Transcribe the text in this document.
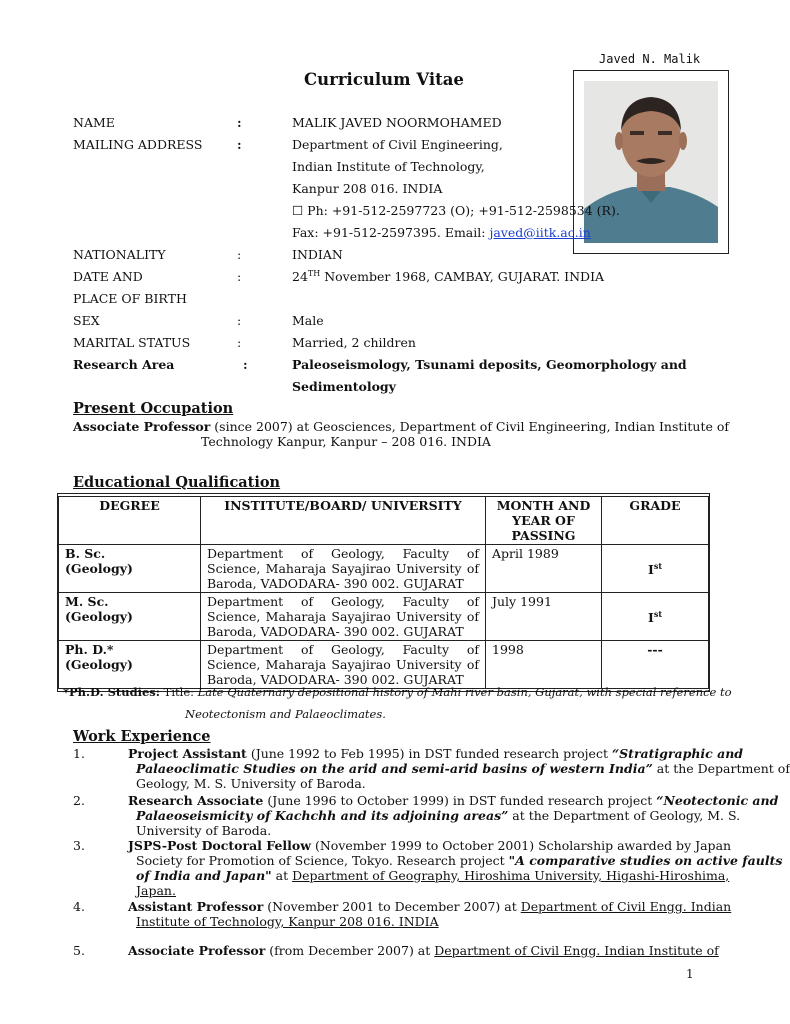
Javed N. Malik
Curriculum Vitae
NAME	:	MALIK JAVED NOORMOHAMED
MAILING ADDRESS	:	Department of Civil Engineering,
Indian Institute of Technology,
Kanpur 208 016. INDIA
☐ Ph: +91-512-2597723 (O); +91-512-2598534 (R).
Fax: +91-512-2597395. Email: javed@iitk.ac.in
NATIONALITY	:	INDIAN
DATE AND	:	24TH November 1968, CAMBAY, GUJARAT. INDIA
PLACE OF BIRTH
SEX	:	Male
MARITAL STATUS	:	Married, 2 children
Research Area	:	Paleoseismology, Tsunami deposits, Geomorphology and
Sedimentology
Present Occupation
Associate Professor (since 2007) at Geosciences, Department of Civil Engineering, Indian Institute of
Technology Kanpur, Kanpur – 208 016. INDIA
Educational Qualification
DEGREE	INSTITUTE/BOARD/ UNIVERSITY	MONTH AND YEAR OF PASSING	GRADE

B. Sc.
(Geology)	Department of Geology, Faculty of Science, Maharaja Sayajirao University of Baroda, VADODARA- 390 002. GUJARAT	April 1989	Ist

M. Sc.
(Geology)	Department of Geology, Faculty of Science, Maharaja Sayajirao University of Baroda, VADODARA- 390 002. GUJARAT	July 1991	Ist

Ph. D.*
(Geology)	Department of Geology, Faculty of Science, Maharaja Sayajirao University of Baroda, VADODARA- 390 002. GUJARAT	1998	---
*Ph.D. Studies: Title: Late Quaternary depositional history of Mahi river basin, Gujarat, with special reference to
Neotectonism and Palaeoclimates.
Work Experience
1.	Project Assistant (June 1992 to Feb 1995) in DST funded research project “Stratigraphic and
Palaeoclimatic Studies on the arid and semi-arid basins of western India” at the Department of
Geology, M. S. University of Baroda.
2.	Research Associate (June 1996 to October 1999) in DST funded research project “Neotectonic and
Palaeoseismicity of Kachchh and its adjoining areas” at the Department of Geology, M. S.
University of Baroda.
3.	JSPS-Post Doctoral Fellow (November 1999 to October 2001) Scholarship awarded by Japan
Society for Promotion of Science, Tokyo. Research project "A comparative studies on active faults
of India and Japan" at Department of Geography, Hiroshima University, Higashi-Hiroshima,
Japan.
4.	Assistant Professor (November 2001 to December 2007) at Department of Civil Engg. Indian
Institute of Technology, Kanpur 208 016. INDIA
5.	Associate Professor (from December 2007) at Department of Civil Engg. Indian Institute of
1
